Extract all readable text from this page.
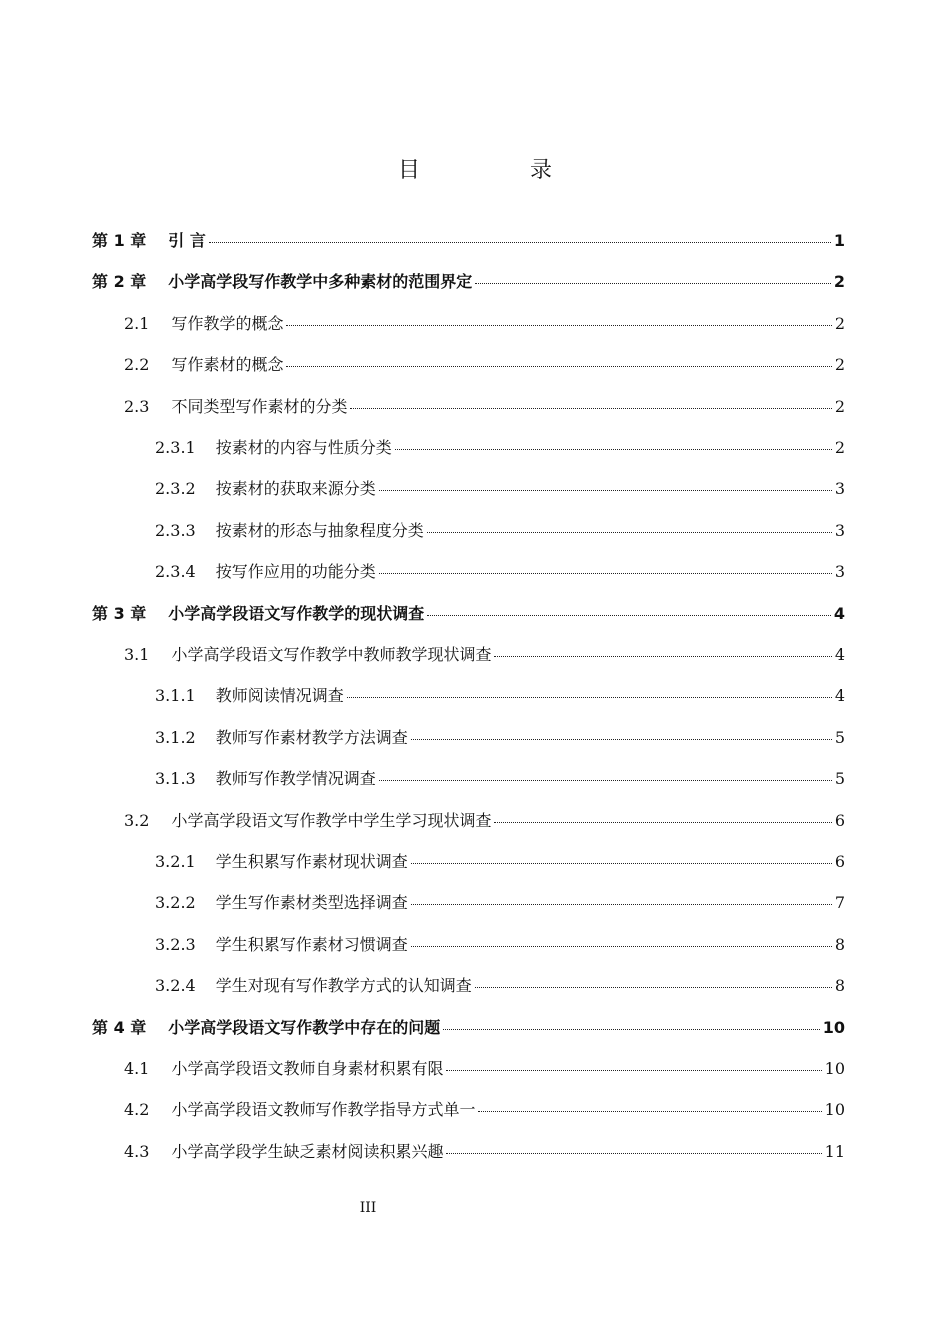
目　录
第 1 章 引 言	1
第 2 章 小学高学段写作教学中多种素材的范围界定	2
2.1 写作教学的概念	2
2.2 写作素材的概念	2
2.3 不同类型写作素材的分类	2
2.3.1 按素材的内容与性质分类	2
2.3.2 按素材的获取来源分类	3
2.3.3 按素材的形态与抽象程度分类	3
2.3.4 按写作应用的功能分类	3
第 3 章 小学高学段语文写作教学的现状调查	4
3.1 小学高学段语文写作教学中教师教学现状调查	4
3.1.1 教师阅读情况调查	4
3.1.2 教师写作素材教学方法调查	5
3.1.3 教师写作教学情况调查	5
3.2 小学高学段语文写作教学中学生学习现状调查	6
3.2.1 学生积累写作素材现状调查	6
3.2.2 学生写作素材类型选择调查	7
3.2.3 学生积累写作素材习惯调查	8
3.2.4 学生对现有写作教学方式的认知调查	8
第 4 章 小学高学段语文写作教学中存在的问题	10
4.1 小学高学段语文教师自身素材积累有限	10
4.2 小学高学段语文教师写作教学指导方式单一	10
4.3 小学高学段学生缺乏素材阅读积累兴趣	11
III
